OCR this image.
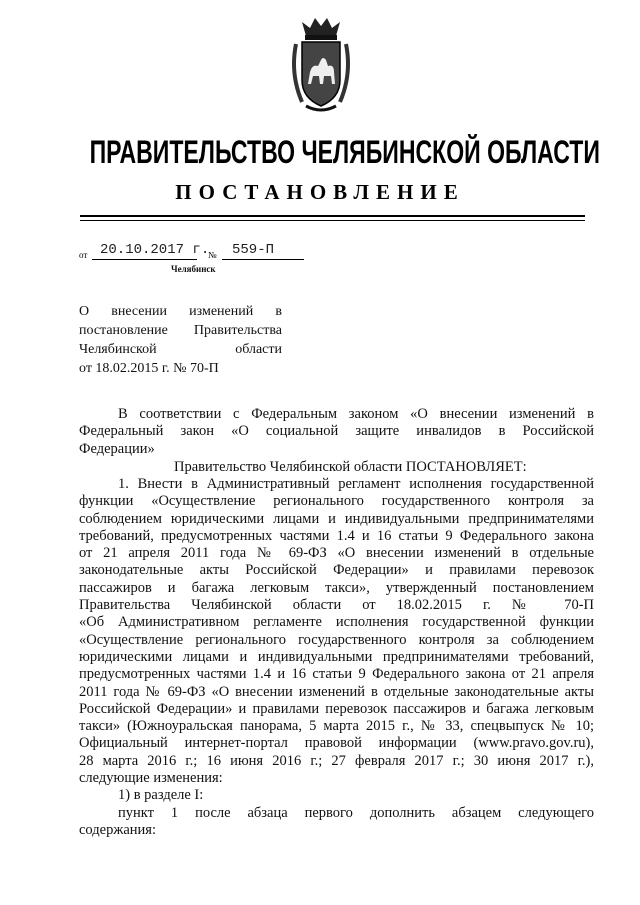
ПРАВИТЕЛЬСТВО ЧЕЛЯБИНСКОЙ ОБЛАСТИ
ПОСТАНОВЛЕНИЕ
от 20.10.2017 г.
№ 559-П
Челябинск
О внесении изменений в
постановление Правительства
Челябинской области
от 18.02.2015 г. № 70-П
В соответствии с Федеральным законом «О внесении изменений в
Федеральный закон «О социальной защите инвалидов в Российской
Федерации»
Правительство Челябинской области ПОСТАНОВЛЯЕТ:
1. Внести в Административный регламент исполнения государственной
функции «Осуществление регионального государственного контроля за
соблюдением юридическими лицами и индивидуальными предпринимателями
требований, предусмотренных частями 1.4 и 16 статьи 9 Федерального закона
от 21 апреля 2011 года № 69-ФЗ «О внесении изменений в отдельные
законодательные акты Российской Федерации» и правилами перевозок
пассажиров и багажа легковым такси», утвержденный постановлением
Правительства Челябинской области от 18.02.2015 г. № 70-П
«Об Административном регламенте исполнения государственной функции
«Осуществление регионального государственного контроля за соблюдением
юридическими лицами и индивидуальными предпринимателями требований,
предусмотренных частями 1.4 и 16 статьи 9 Федерального закона от 21 апреля
2011 года № 69-ФЗ «О внесении изменений в отдельные законодательные акты
Российской Федерации» и правилами перевозок пассажиров и багажа легковым
такси» (Южноуральская панорама, 5 марта 2015 г., № 33, спецвыпуск № 10;
Официальный интернет-портал правовой информации (www.pravo.gov.ru),
28 марта 2016 г.; 16 июня 2016 г.; 27 февраля 2017 г.; 30 июня 2017 г.),
следующие изменения:
1) в разделе I:
пункт 1 после абзаца первого дополнить абзацем следующего
содержания:
